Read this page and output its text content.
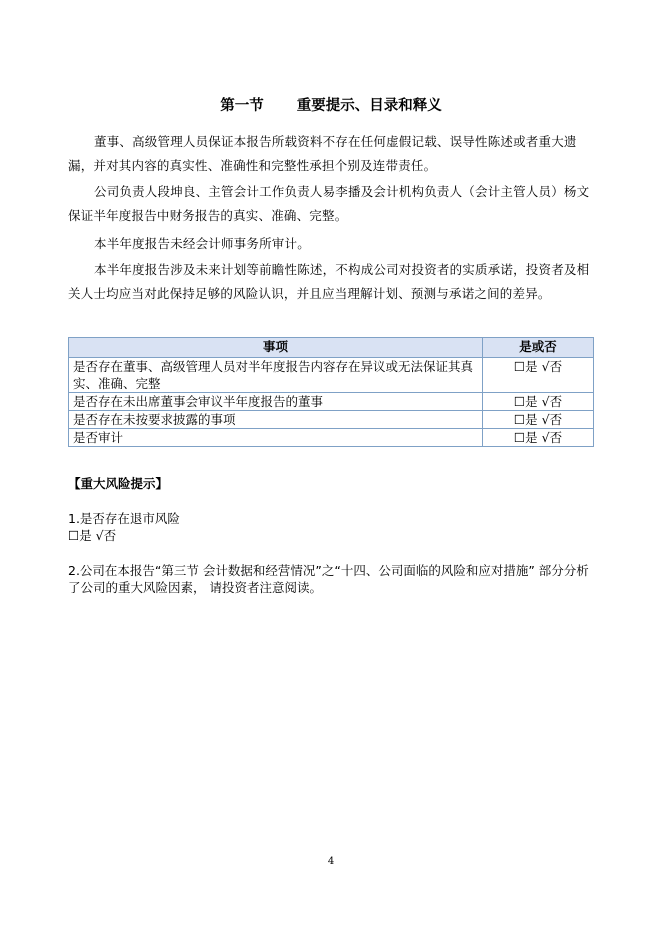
第一节 重要提示、目录和释义
董事、高级管理人员保证本报告所载资料不存在任何虚假记载、误导性陈述或者重大遗漏，并对其内容的真实性、准确性和完整性承担个别及连带责任。
公司负责人段坤良、主管会计工作负责人易李播及会计机构负责人（会计主管人员）杨文保证半年度报告中财务报告的真实、准确、完整。
本半年度报告未经会计师事务所审计。
本半年度报告涉及未来计划等前瞻性陈述，不构成公司对投资者的实质承诺，投资者及相关人士均应当对此保持足够的风险认识，并且应当理解计划、预测与承诺之间的差异。
事项	是或否
是否存在董事、高级管理人员对半年度报告内容存在异议或无法保证其真实、准确、完整	☐是 √否
是否存在未出席董事会审议半年度报告的董事	☐是 √否
是否存在未按要求披露的事项	☐是 √否
是否审计	☐是 √否
【重大风险提示】
1.是否存在退市风险
☐是 √否
2.公司在本报告“第三节 会计数据和经营情况”之“十四、公司面临的风险和应对措施” 部分分析了公司的重大风险因素， 请投资者注意阅读。
4
